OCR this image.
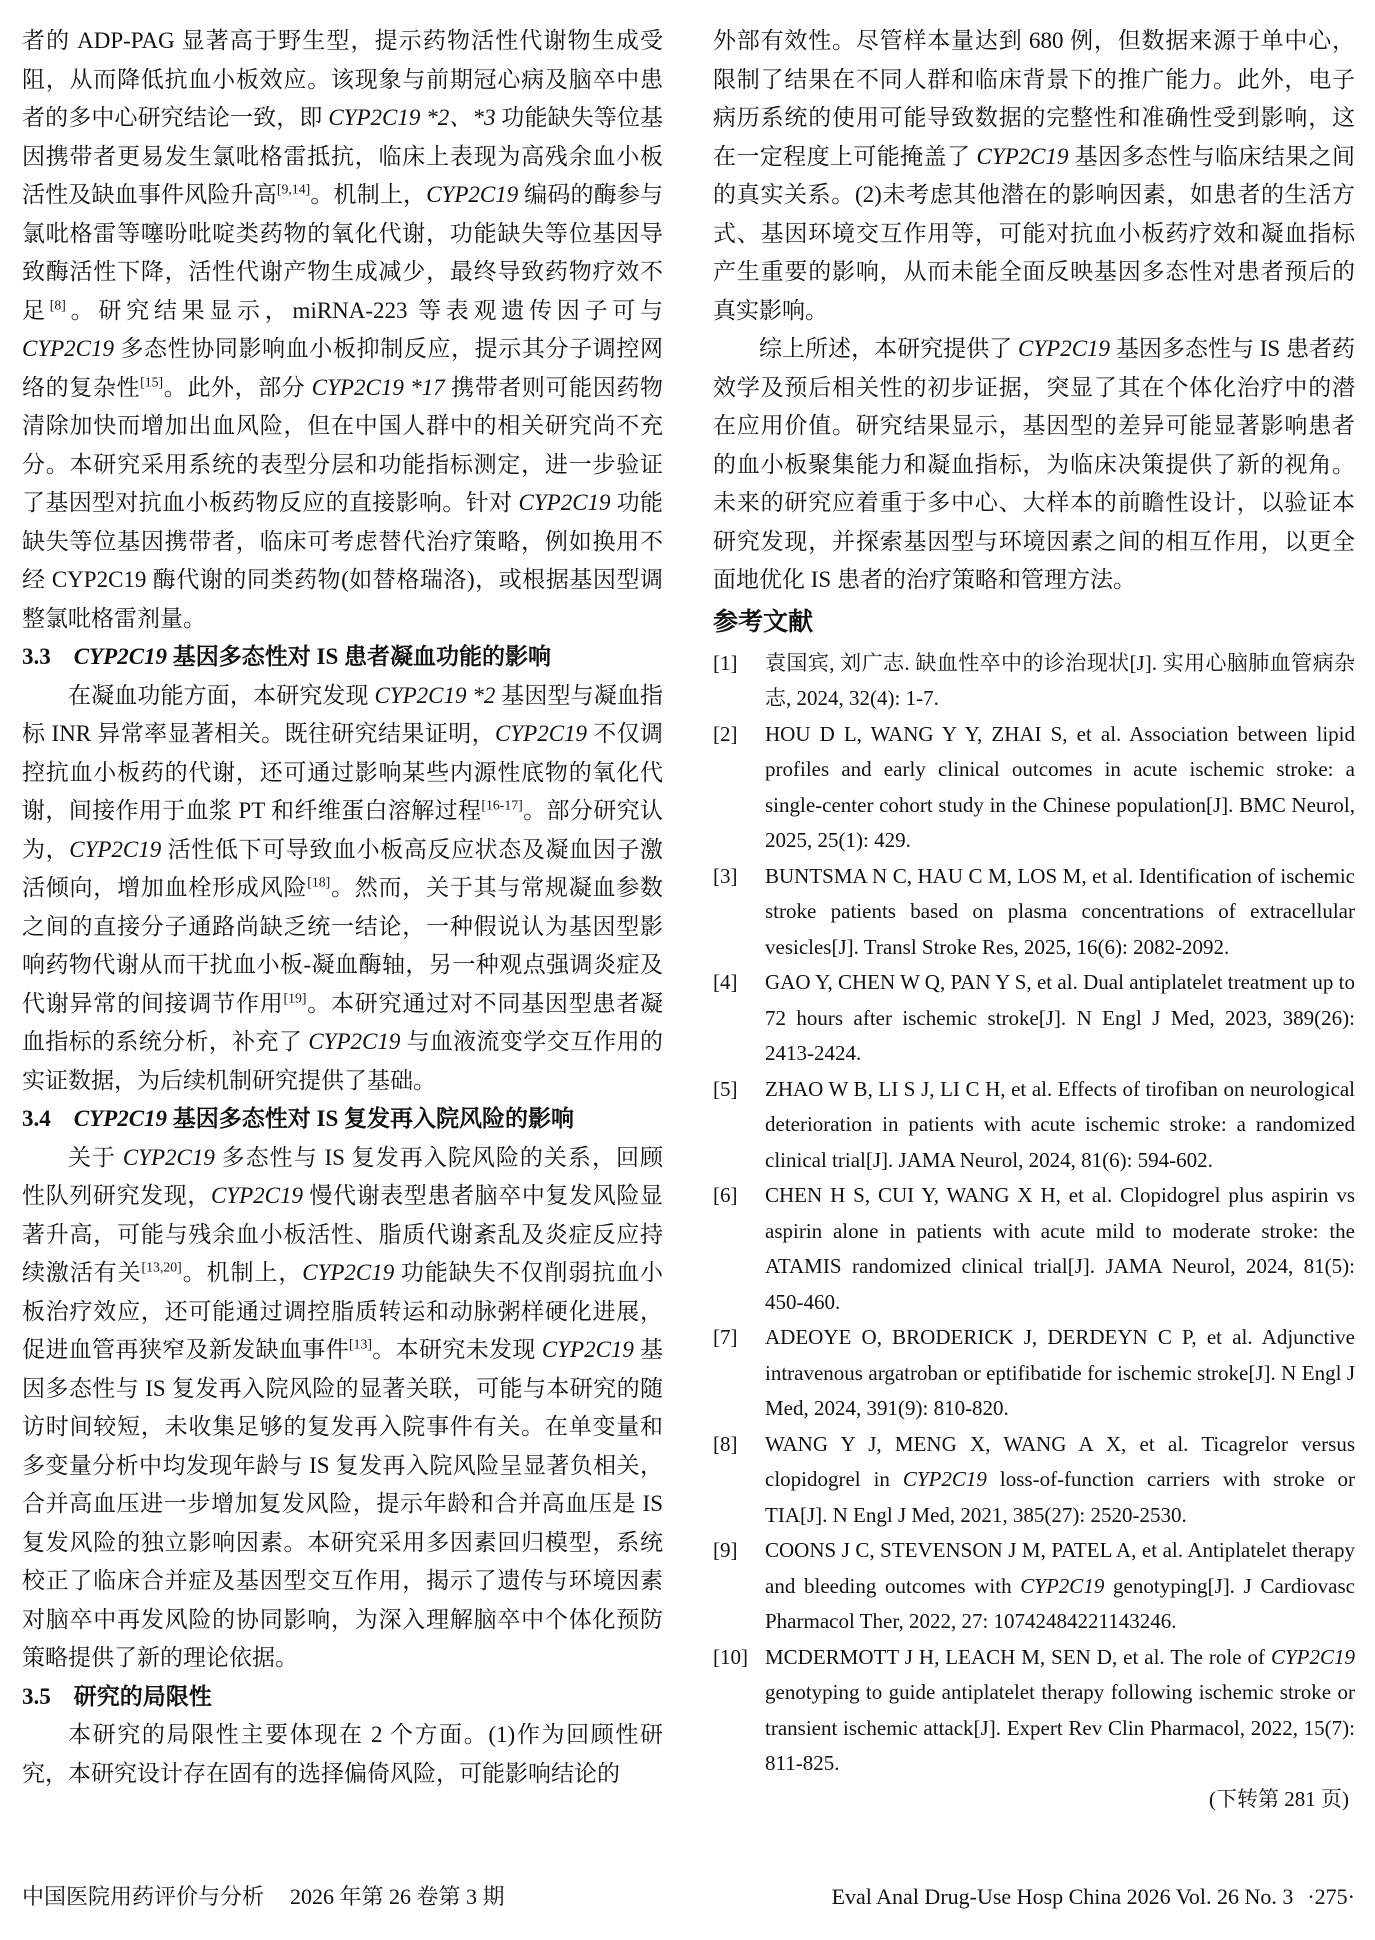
者的 ADP-PAG 显著高于野生型，提示药物活性代谢物生成受阻，从而降低抗血小板效应。该现象与前期冠心病及脑卒中患者的多中心研究结论一致，即 CYP2C19 *2、*3 功能缺失等位基因携带者更易发生氯吡格雷抵抗，临床上表现为高残余血小板活性及缺血事件风险升高[9,14]。机制上，CYP2C19 编码的酶参与氯吡格雷等噻吩吡啶类药物的氧化代谢，功能缺失等位基因导致酶活性下降，活性代谢产物生成减少，最终导致药物疗效不足[8]。研究结果显示，miRNA-223 等表观遗传因子可与 CYP2C19 多态性协同影响血小板抑制反应，提示其分子调控网络的复杂性[15]。此外，部分 CYP2C19 *17 携带者则可能因药物清除加快而增加出血风险，但在中国人群中的相关研究尚不充分。本研究采用系统的表型分层和功能指标测定，进一步验证了基因型对抗血小板药物反应的直接影响。针对 CYP2C19 功能缺失等位基因携带者，临床可考虑替代治疗策略，例如换用不经 CYP2C19 酶代谢的同类药物(如替格瑞洛)，或根据基因型调整氯吡格雷剂量。

3.3　 CYP2C19 基因多态性对 IS 患者凝血功能的影响

在凝血功能方面，本研究发现 CYP2C19 *2 基因型与凝血指标 INR 异常率显著相关。既往研究结果证明，CYP2C19 不仅调控抗血小板药的代谢，还可通过影响某些内源性底物的氧化代谢，间接作用于血浆 PT 和纤维蛋白溶解过程[16-17]。部分研究认为，CYP2C19 活性低下可导致血小板高反应状态及凝血因子激活倾向，增加血栓形成风险[18]。然而，关于其与常规凝血参数之间的直接分子通路尚缺乏统一结论，一种假说认为基因型影响药物代谢从而干扰血小板-凝血酶轴，另一种观点强调炎症及代谢异常的间接调节作用[19]。本研究通过对不同基因型患者凝血指标的系统分析，补充了 CYP2C19 与血液流变学交互作用的实证数据，为后续机制研究提供了基础。

3.4　 CYP2C19 基因多态性对 IS 复发再入院风险的影响

关于 CYP2C19 多态性与 IS 复发再入院风险的关系，回顾性队列研究发现，CYP2C19 慢代谢表型患者脑卒中复发风险显著升高，可能与残余血小板活性、脂质代谢紊乱及炎症反应持续激活有关[13,20]。机制上，CYP2C19 功能缺失不仅削弱抗血小板治疗效应，还可能通过调控脂质转运和动脉粥样硬化进展，促进血管再狭窄及新发缺血事件[13]。本研究未发现 CYP2C19 基因多态性与 IS 复发再入院风险的显著关联，可能与本研究的随访时间较短，未收集足够的复发再入院事件有关。在单变量和多变量分析中均发现年龄与 IS 复发再入院风险呈显著负相关，合并高血压进一步增加复发风险，提示年龄和合并高血压是 IS 复发风险的独立影响因素。本研究采用多因素回归模型，系统校正了临床合并症及基因型交互作用，揭示了遗传与环境因素对脑卒中再发风险的协同影响，为深入理解脑卒中个体化预防策略提供了新的理论依据。

3.5　研究的局限性

本研究的局限性主要体现在 2 个方面。(1)作为回顾性研究，本研究设计存在固有的选择偏倚风险，可能影响结论的

外部有效性。尽管样本量达到 680 例，但数据来源于单中心，限制了结果在不同人群和临床背景下的推广能力。此外，电子病历系统的使用可能导致数据的完整性和准确性受到影响，这在一定程度上可能掩盖了 CYP2C19 基因多态性与临床结果之间的真实关系。(2)未考虑其他潜在的影响因素，如患者的生活方式、基因环境交互作用等，可能对抗血小板药疗效和凝血指标产生重要的影响，从而未能全面反映基因多态性对患者预后的真实影响。

综上所述，本研究提供了 CYP2C19 基因多态性与 IS 患者药效学及预后相关性的初步证据，突显了其在个体化治疗中的潜在应用价值。研究结果显示，基因型的差异可能显著影响患者的血小板聚集能力和凝血指标，为临床决策提供了新的视角。未来的研究应着重于多中心、大样本的前瞻性设计，以验证本研究发现，并探索基因型与环境因素之间的相互作用，以更全面地优化 IS 患者的治疗策略和管理方法。

参考文献
[1]	袁国宾, 刘广志. 缺血性卒中的诊治现状[J]. 实用心脑肺血管病杂志, 2024, 32(4): 1-7.
[2]	HOU D L, WANG Y Y, ZHAI S, et al. Association between lipid profiles and early clinical outcomes in acute ischemic stroke: a single-center cohort study in the Chinese population[J]. BMC Neurol, 2025, 25(1): 429.
[3]	BUNTSMA N C, HAU C M, LOS M, et al. Identification of ischemic stroke patients based on plasma concentrations of extracellular vesicles[J]. Transl Stroke Res, 2025, 16(6): 2082-2092.
[4]	GAO Y, CHEN W Q, PAN Y S, et al. Dual antiplatelet treatment up to 72 hours after ischemic stroke[J]. N Engl J Med, 2023, 389(26): 2413-2424.
[5]	ZHAO W B, LI S J, LI C H, et al. Effects of tirofiban on neurological deterioration in patients with acute ischemic stroke: a randomized clinical trial[J]. JAMA Neurol, 2024, 81(6): 594-602.
[6]	CHEN H S, CUI Y, WANG X H, et al. Clopidogrel plus aspirin vs aspirin alone in patients with acute mild to moderate stroke: the ATAMIS randomized clinical trial[J]. JAMA Neurol, 2024, 81(5): 450-460.
[7]	ADEOYE O, BRODERICK J, DERDEYN C P, et al. Adjunctive intravenous argatroban or eptifibatide for ischemic stroke[J]. N Engl J Med, 2024, 391(9): 810-820.
[8]	WANG Y J, MENG X, WANG A X, et al. Ticagrelor versus clopidogrel in CYP2C19 loss-of-function carriers with stroke or TIA[J]. N Engl J Med, 2021, 385(27): 2520-2530.
[9]	COONS J C, STEVENSON J M, PATEL A, et al. Antiplatelet therapy and bleeding outcomes with CYP2C19 genotyping[J]. J Cardiovasc Pharmacol Ther, 2022, 27: 10742484221143246.
[10] MCDERMOTT J H, LEACH M, SEN D, et al. The role of CYP2C19 genotyping to guide antiplatelet therapy following ischemic stroke or transient ischemic attack[J]. Expert Rev Clin Pharmacol, 2022, 15(7): 811-825.
(下转第 281 页)
中国医院用药评价与分析 2026 年第 26 卷第 3 期	Eval Anal Drug-Use Hosp China 2026 Vol. 26 No. 3 ·275·
